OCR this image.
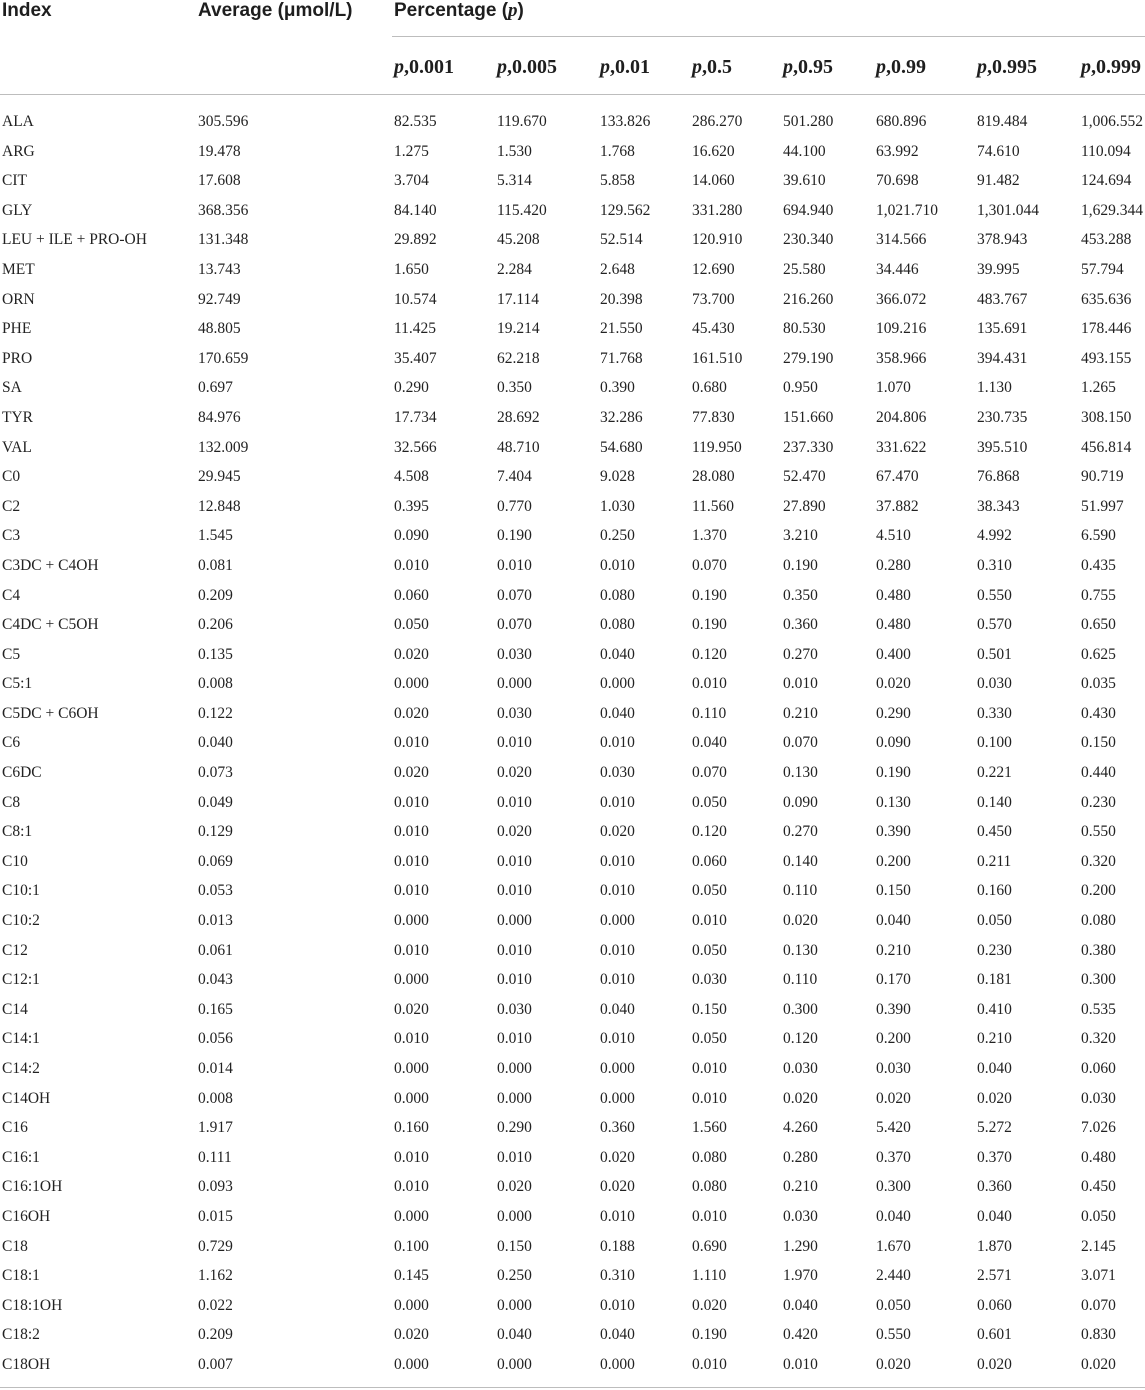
Index	Average (μmol/L) Percentage (p)
p,0.001 p,0.005 p,0.01 p,0.5	p,0.95 p,0.99	p,0.995 p,0.999
ALA	305.596	82.535	119.670	133.826	286.270	501.280	680.896	819.484	1,006.552
ARG	19.478	1.275	1.530	1.768	16.620	44.100	63.992	74.610	110.094
CIT	17.608	3.704	5.314	5.858	14.060	39.610	70.698	91.482	124.694
GLY	368.356	84.140	115.420	129.562	331.280	694.940	1,021.710	1,301.044	1,629.344
LEU + ILE + PRO-OH	131.348	29.892	45.208	52.514	120.910	230.340	314.566	378.943	453.288
MET	13.743	1.650	2.284	2.648	12.690	25.580	34.446	39.995	57.794
ORN	92.749	10.574	17.114	20.398	73.700	216.260	366.072	483.767	635.636
PHE	48.805	11.425	19.214	21.550	45.430	80.530	109.216	135.691	178.446
PRO	170.659	35.407	62.218	71.768	161.510	279.190	358.966	394.431	493.155
SA	0.697	0.290	0.350	0.390	0.680	0.950	1.070	1.130	1.265
TYR	84.976	17.734	28.692	32.286	77.830	151.660	204.806	230.735	308.150
VAL	132.009	32.566	48.710	54.680	119.950	237.330	331.622	395.510	456.814
C0	29.945	4.508	7.404	9.028	28.080	52.470	67.470	76.868	90.719
C2	12.848	0.395	0.770	1.030	11.560	27.890	37.882	38.343	51.997
C3	1.545	0.090	0.190	0.250	1.370	3.210	4.510	4.992	6.590
C3DC + C4OH	0.081	0.010	0.010	0.010	0.070	0.190	0.280	0.310	0.435
C4	0.209	0.060	0.070	0.080	0.190	0.350	0.480	0.550	0.755
C4DC + C5OH	0.206	0.050	0.070	0.080	0.190	0.360	0.480	0.570	0.650
C5	0.135	0.020	0.030	0.040	0.120	0.270	0.400	0.501	0.625
C5:1	0.008	0.000	0.000	0.000	0.010	0.010	0.020	0.030	0.035
C5DC + C6OH	0.122	0.020	0.030	0.040	0.110	0.210	0.290	0.330	0.430
C6	0.040	0.010	0.010	0.010	0.040	0.070	0.090	0.100	0.150
C6DC	0.073	0.020	0.020	0.030	0.070	0.130	0.190	0.221	0.440
C8	0.049	0.010	0.010	0.010	0.050	0.090	0.130	0.140	0.230
C8:1	0.129	0.010	0.020	0.020	0.120	0.270	0.390	0.450	0.550
C10	0.069	0.010	0.010	0.010	0.060	0.140	0.200	0.211	0.320
C10:1	0.053	0.010	0.010	0.010	0.050	0.110	0.150	0.160	0.200
C10:2	0.013	0.000	0.000	0.000	0.010	0.020	0.040	0.050	0.080
C12	0.061	0.010	0.010	0.010	0.050	0.130	0.210	0.230	0.380
C12:1	0.043	0.000	0.010	0.010	0.030	0.110	0.170	0.181	0.300
C14	0.165	0.020	0.030	0.040	0.150	0.300	0.390	0.410	0.535
C14:1	0.056	0.010	0.010	0.010	0.050	0.120	0.200	0.210	0.320
C14:2	0.014	0.000	0.000	0.000	0.010	0.030	0.030	0.040	0.060
C14OH	0.008	0.000	0.000	0.000	0.010	0.020	0.020	0.020	0.030
C16	1.917	0.160	0.290	0.360	1.560	4.260	5.420	5.272	7.026
C16:1	0.111	0.010	0.010	0.020	0.080	0.280	0.370	0.370	0.480
C16:1OH	0.093	0.010	0.020	0.020	0.080	0.210	0.300	0.360	0.450
C16OH	0.015	0.000	0.000	0.010	0.010	0.030	0.040	0.040	0.050
C18	0.729	0.100	0.150	0.188	0.690	1.290	1.670	1.870	2.145
C18:1	1.162	0.145	0.250	0.310	1.110	1.970	2.440	2.571	3.071
C18:1OH	0.022	0.000	0.000	0.010	0.020	0.040	0.050	0.060	0.070
C18:2	0.209	0.020	0.040	0.040	0.190	0.420	0.550	0.601	0.830
C18OH	0.007	0.000	0.000	0.000	0.010	0.010	0.020	0.020	0.020
